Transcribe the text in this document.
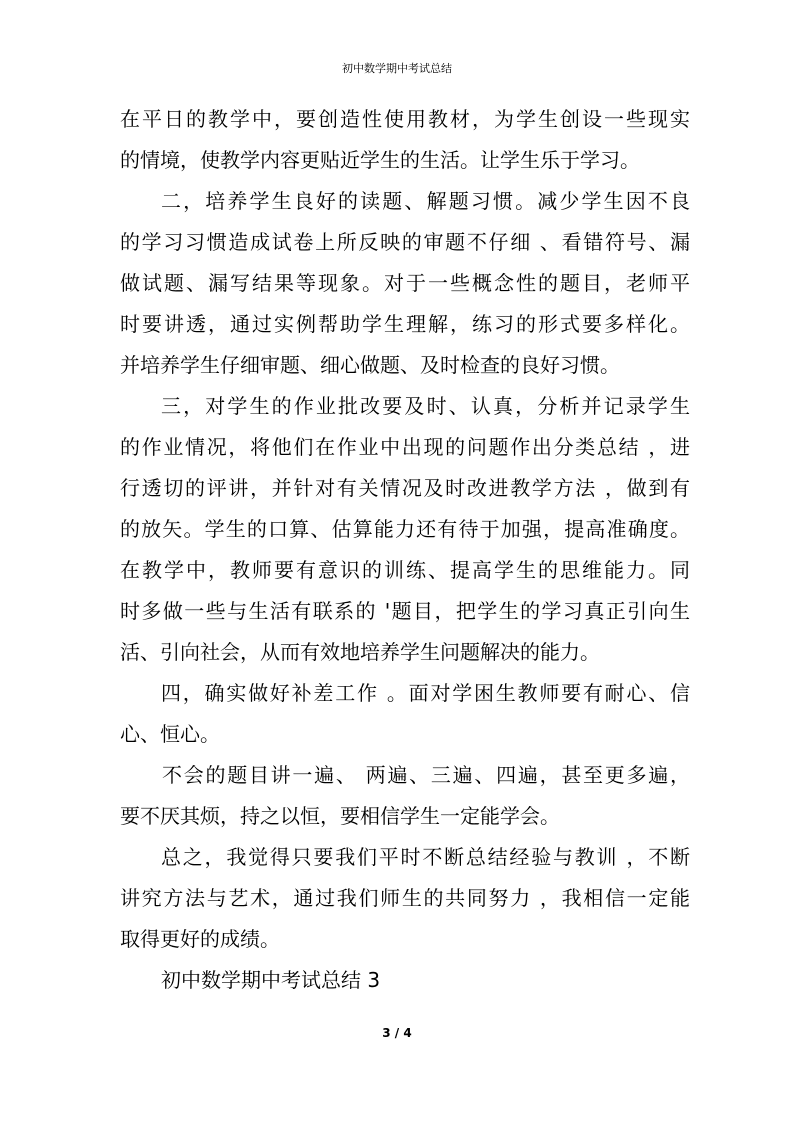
初中数学期中考试总结
在平日的教学中，要创造性使用教材，为学生创设一些现实
的情境，使教学内容更贴近学生的生活。让学生乐于学习。
二，培养学生良好的读题、解题习惯。减少学生因不良
的学习习惯造成试卷上所反映的审题不仔细 、看错符号、漏
做试题、漏写结果等现象。对于一些概念性的题目，老师平
时要讲透，通过实例帮助学生理解，练习的形式要多样化。
并培养学生仔细审题、细心做题、及时检查的良好习惯。
三，对学生的作业批改要及时、认真，分析并记录学生
的作业情况，将他们在作业中出现的问题作出分类总结 ，进
行透切的评讲，并针对有关情况及时改进教学方法 ，做到有
的放矢。学生的口算、估算能力还有待于加强，提高准确度。
在教学中，教师要有意识的训练、提高学生的思维能力。同
时多做一些与生活有联系的 '题目，把学生的学习真正引向生
活、引向社会，从而有效地培养学生问题解决的能力。
四，确实做好补差工作 。面对学困生教师要有耐心、信
心、恒心。
不会的题目讲一遍、 两遍、三遍、四遍，甚至更多遍，
要不厌其烦，持之以恒，要相信学生一定能学会。
总之，我觉得只要我们平时不断总结经验与教训 ，不断
讲究方法与艺术，通过我们师生的共同努力 ，我相信一定能
取得更好的成绩。
初中数学期中考试总结 3
3 / 4
